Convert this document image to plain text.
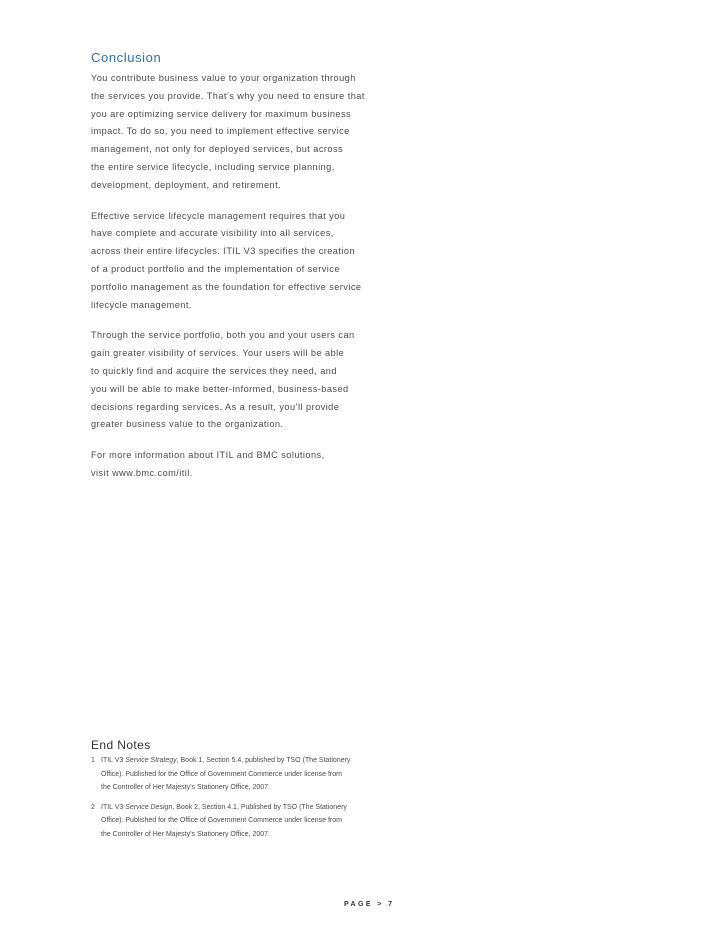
Conclusion

You contribute business value to your organization through
the services you provide. That’s why you need to ensure that
you are optimizing service delivery for maximum business
impact. To do so, you need to implement effective service
management, not only for deployed services, but across
the entire service lifecycle, including service planning,
development, deployment, and retirement.

Effective service lifecycle management requires that you
have complete and accurate visibility into all services,
across their entire lifecycles. ITIL V3 specifies the creation
of a product portfolio and the implementation of service
portfolio management as the foundation for effective service
lifecycle management.

Through the service portfolio, both you and your users can
gain greater visibility of services. Your users will be able
to quickly find and acquire the services they need, and
you will be able to make better-informed, business-based
decisions regarding services. As a result, you’ll provide
greater business value to the organization.

For more information about ITIL and BMC solutions,
visit www.bmc.com/itil.

End Notes
1 ITIL V3 Service Strategy, Book 1, Section 5.4, published by TSO (The Stationery
Office). Published for the Office of Government Commerce under license from
the Controller of Her Majesty’s Stationery Office, 2007.
2 ITIL V3 Service Design, Book 2, Section 4.1, Published by TSO (The Stationery
Office). Published for the Office of Government Commerce under license from
the Controller of Her Majesty’s Stationery Office, 2007.
PAGE > 7
